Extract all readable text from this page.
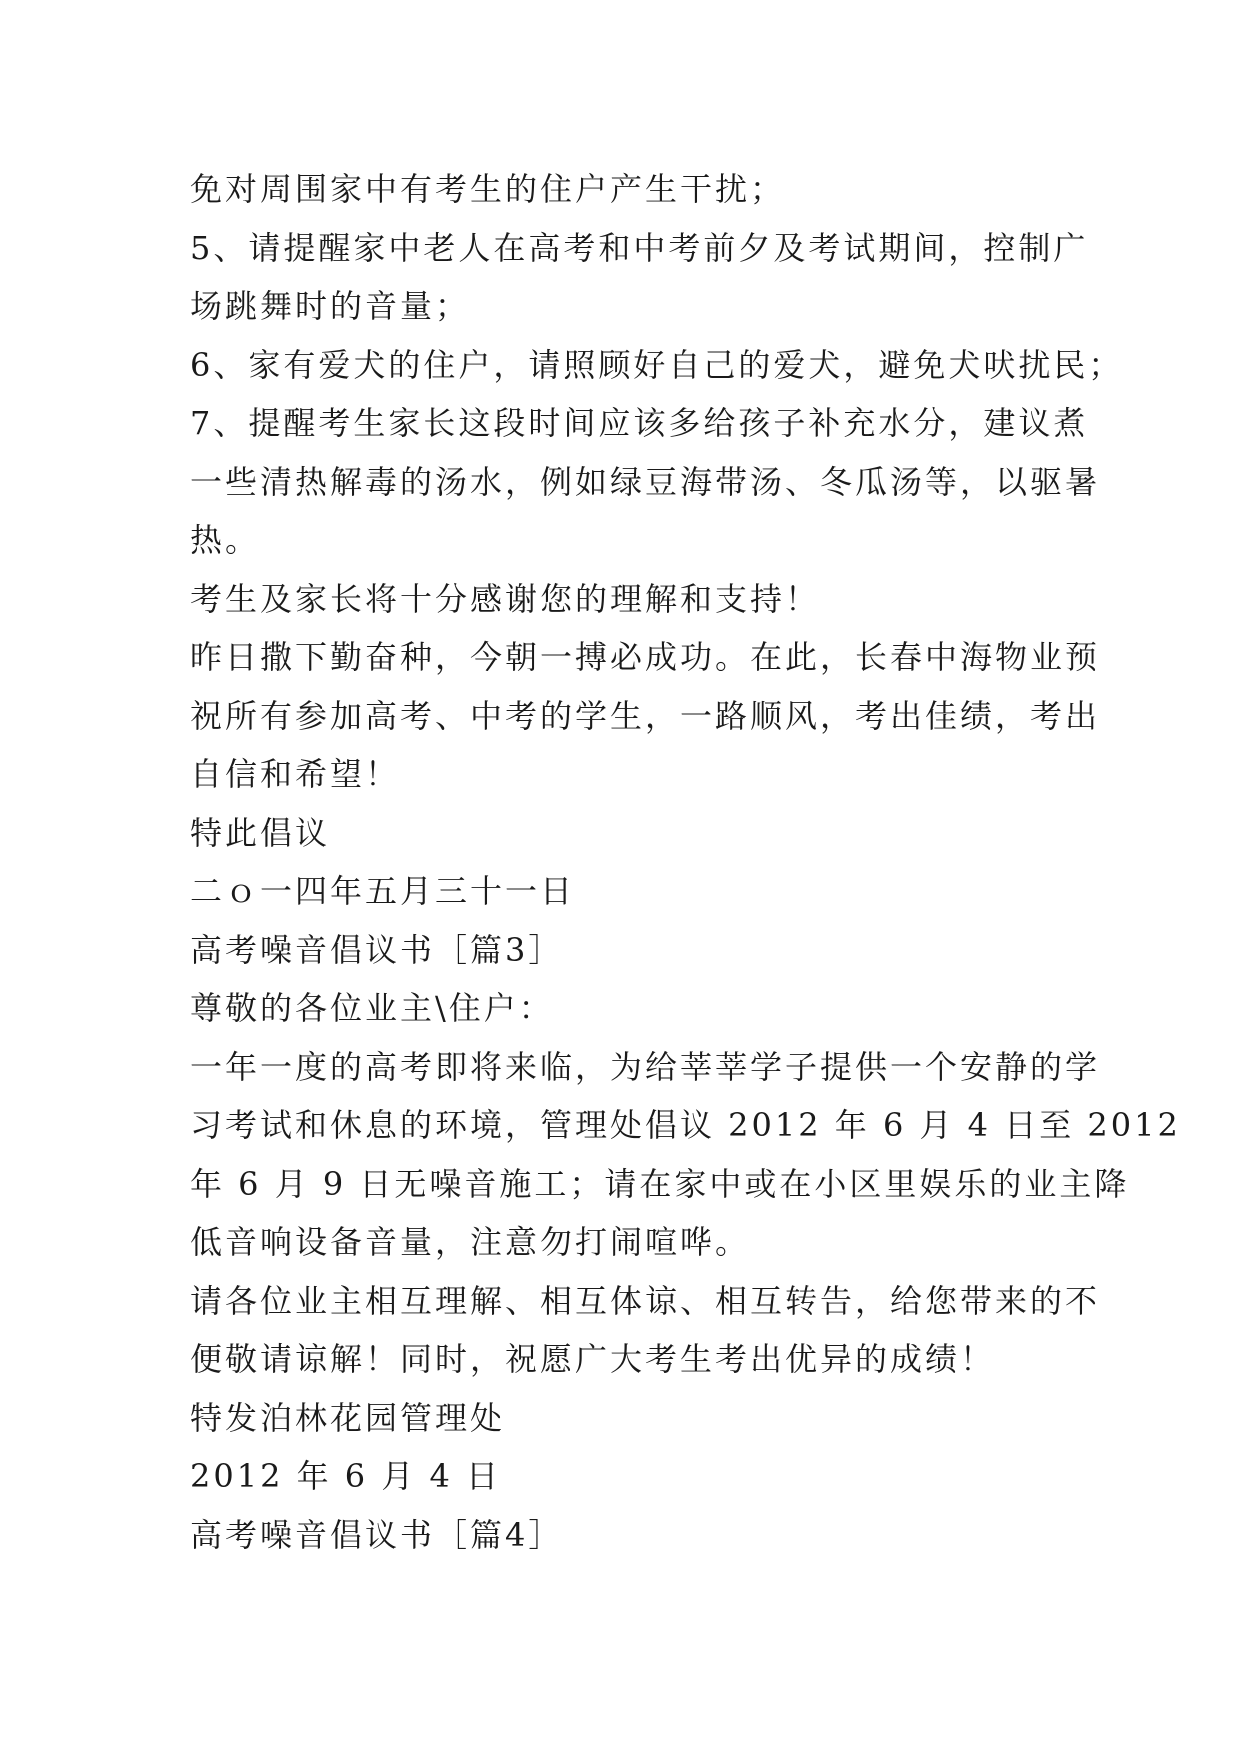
免对周围家中有考生的住户产生干扰；
5、请提醒家中老人在高考和中考前夕及考试期间，控制广
场跳舞时的音量；
6、家有爱犬的住户，请照顾好自己的爱犬，避免犬吠扰民；
7、提醒考生家长这段时间应该多给孩子补充水分，建议煮
一些清热解毒的汤水，例如绿豆海带汤、冬瓜汤等，以驱暑
热。
考生及家长将十分感谢您的理解和支持！
昨日撒下勤奋种，今朝一搏必成功。在此，长春中海物业预
祝所有参加高考、中考的学生，一路顺风，考出佳绩，考出
自信和希望！
特此倡议
二ｏ一四年五月三十一日
高考噪音倡议书［篇3］
尊敬的各位业主\住户：
一年一度的高考即将来临，为给莘莘学子提供一个安静的学
习考试和休息的环境，管理处倡议 2012 年 6 月 4 日至 2012
年 6 月 9 日无噪音施工；请在家中或在小区里娱乐的业主降
低音响设备音量，注意勿打闹喧哗。
请各位业主相互理解、相互体谅、相互转告，给您带来的不
便敬请谅解！同时，祝愿广大考生考出优异的成绩！
特发泊林花园管理处
2012 年 6 月 4 日
高考噪音倡议书［篇4］
